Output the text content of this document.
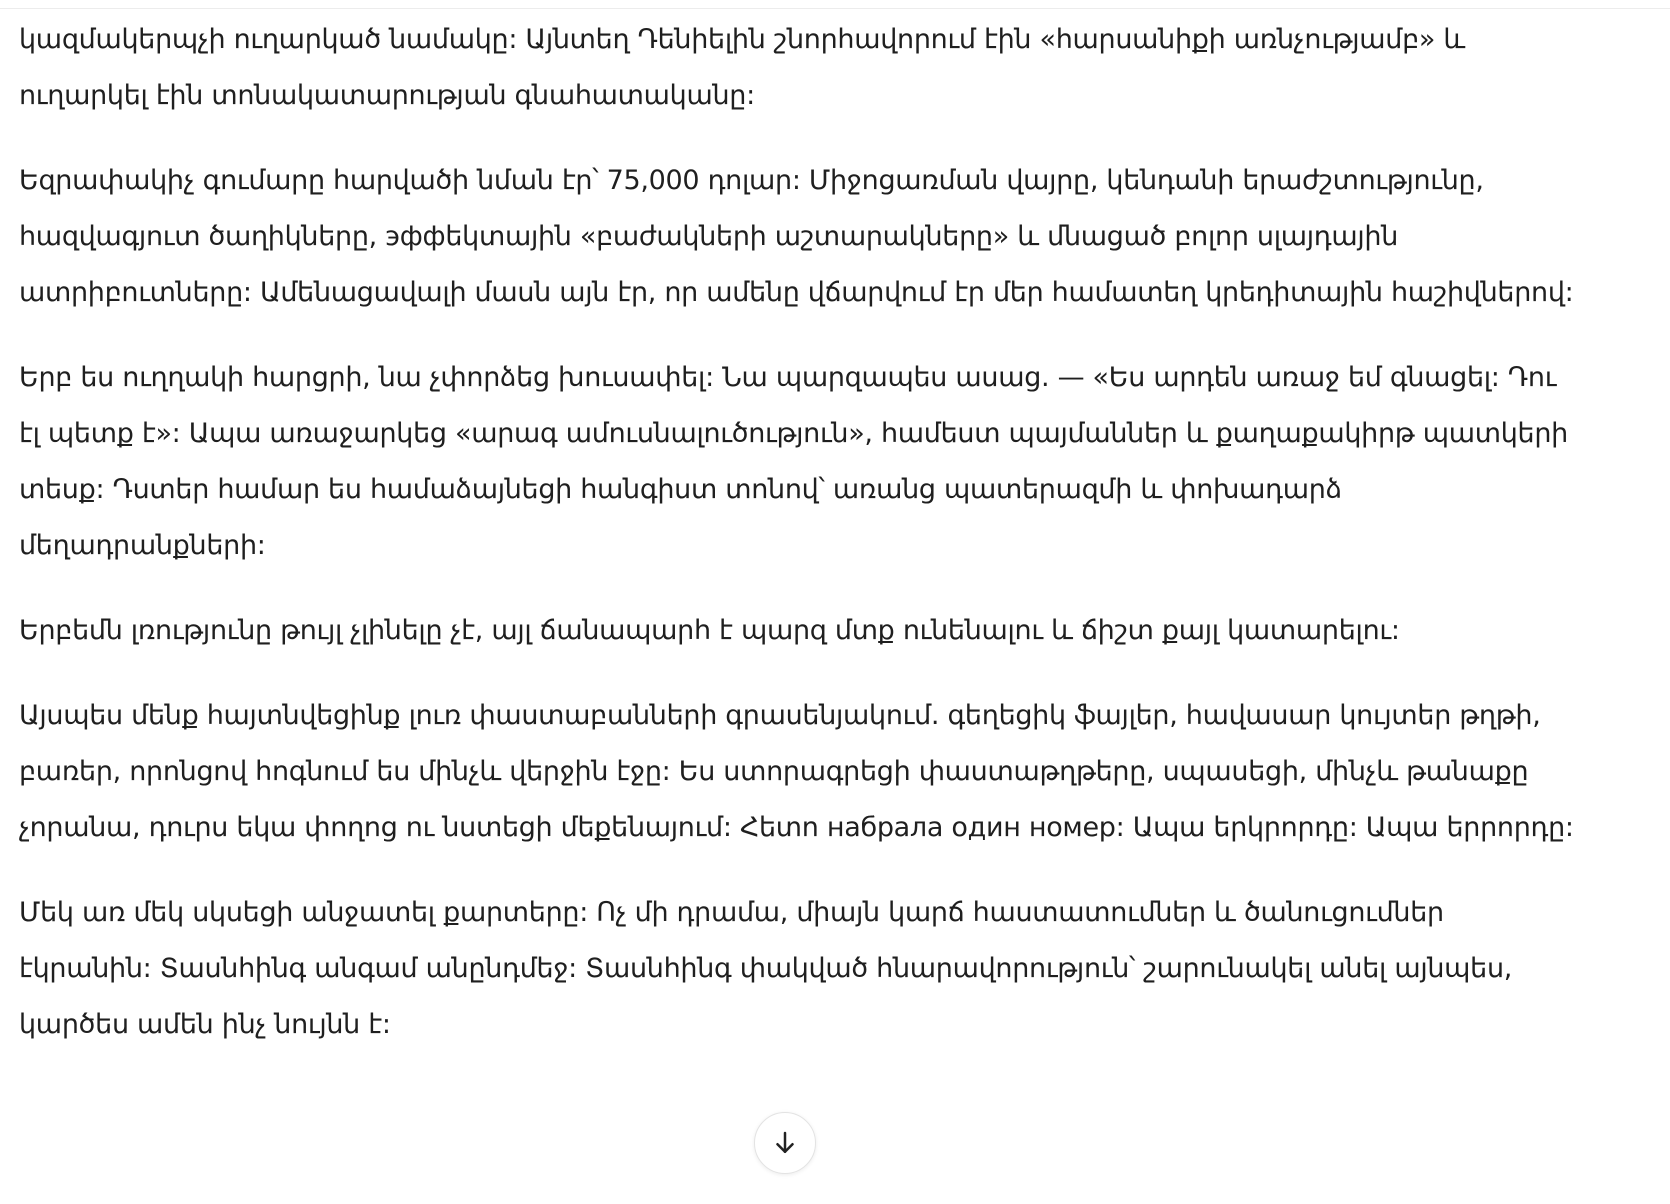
կազմակերպչի ուղարկած նամակը: Այնտեղ Դենիելին շնորհավորում էին «հարսանիքի առնչությամբ» և ուղարկել էին տոնակատարության գնահատականը:

Եզրափակիչ գումարը հարվածի նման էր՝ 75,000 դոլար: Միջոցառման վայրը, կենդանի երաժշտությունը, հազվագյուտ ծաղիկները, эффեկտային «բաժակների աշտարակները» և մնացած բոլոր սլայդային ատրիբուտները: Ամենացավալի մասն այն էր, որ ամենը վճարվում էր մեր համատեղ կրեդիտային հաշիվներով:

Երբ ես ուղղակի հարցրի, նա չփորձեց խուսափել: Նա պարզապես ասաց. — «Ես արդեն առաջ եմ գնացել: Դու էլ պետք է»: Ապա առաջարկեց «արագ ամուսնալուծություն», համեստ պայմաններ և քաղաքակիրթ պատկերի տեսք: Դստեր համար ես համաձայնեցի հանգիստ տոնով՝ առանց պատերազմի և փոխադարձ մեղադրանքների:

Երբեմն լռությունը թույլ չլինելը չէ, այլ ճանապարհ է պարզ մտք ունենալու և ճիշտ քայլ կատարելու:

Այսպես մենք հայտնվեցինք լուռ փաստաբանների գրասենյակում. գեղեցիկ ֆայլեր, հավասար կույտեր թղթի, բառեր, որոնցով հոգնում ես մինչև վերջին էջը: Ես ստորագրեցի փաստաթղթերը, սպասեցի, մինչև թանաքը չորանա, դուրս եկա փողոց ու նստեցի մեքենայում: Հետո набрала один номер: Ապա երկրորդը: Ապա երրորդը:

Մեկ առ մեկ սկսեցի անջատել քարտերը: Ոչ մի դրամա, միայն կարճ հաստատումներ և ծանուցումներ էկրանին: Տասնհինգ անգամ անընդմեջ: Տասնհինգ փակված հնարավորություն՝ շարունակել անել այնպես, կարծես ամեն ինչ նույնն է:
